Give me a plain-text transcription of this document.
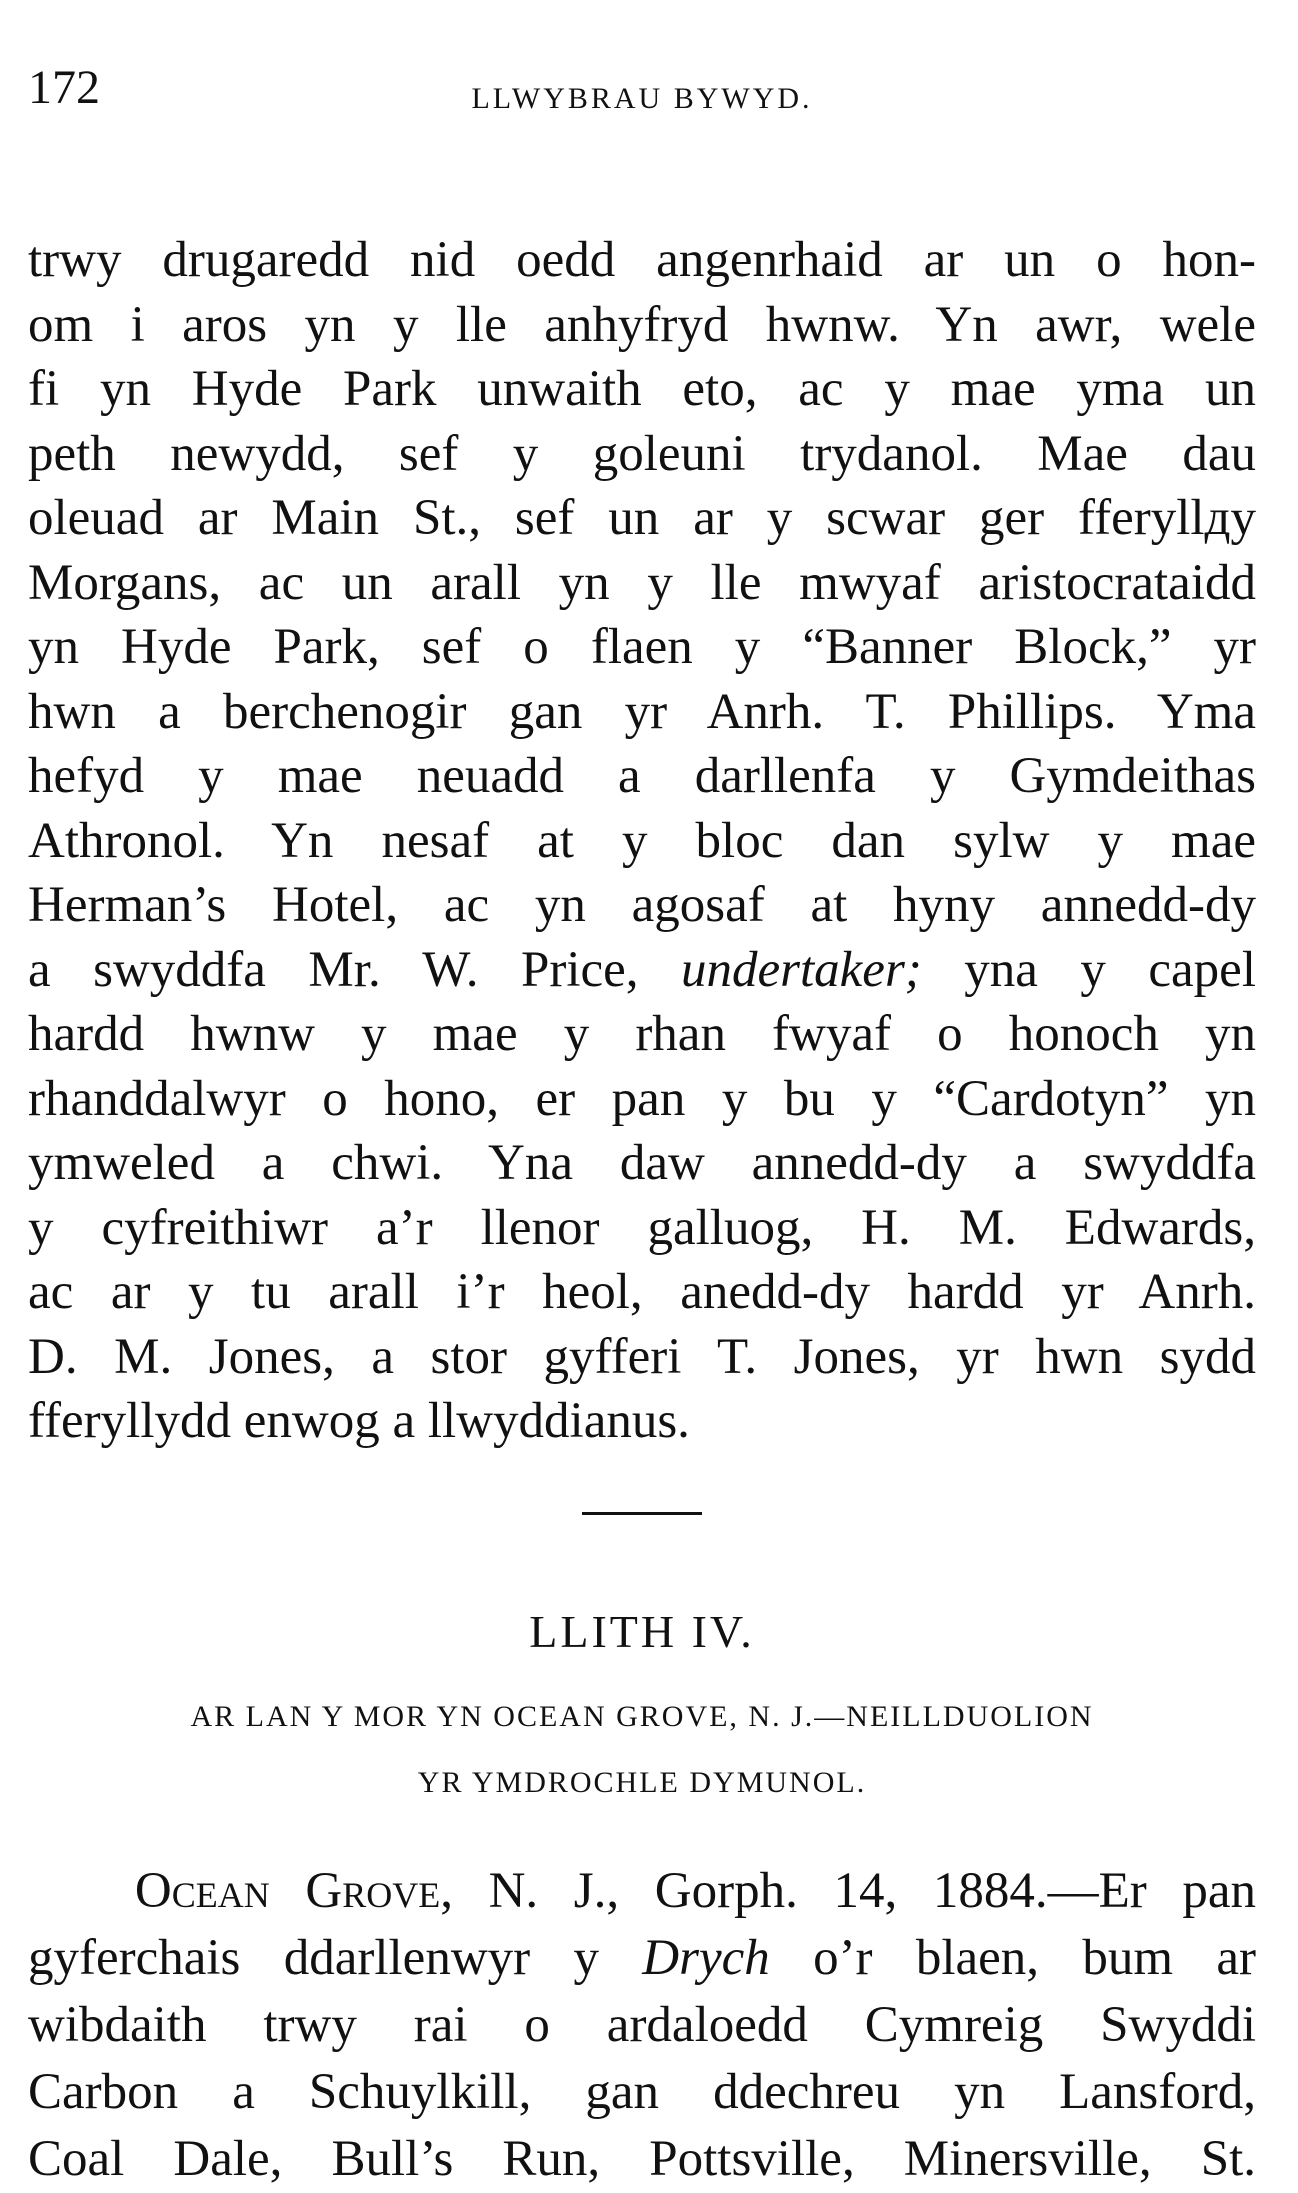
172	LLWYBRAU BYWYD.
trwy drugaredd nid oedd angenrhaid ar un o hon-
om i aros yn y lle anhyfryd hwnw. Yn awr, wele
fi yn Hyde Park unwaith eto, ac y mae yma un
peth newydd, sef y goleuni trydanol. Mae dau
oleuad ar Main St., sef un ar y scwar ger fferyllдy
Morgans, ac un arall yn y lle mwyaf aristocrataidd
yn Hyde Park, sef o flaen y “Banner Block,” yr
hwn a berchenogir gan yr Anrh. T. Phillips. Yma
hefyd y mae neuadd a darllenfa y Gymdeithas
Athronol. Yn nesaf at y bloc dan sylw y mae
Herman’s Hotel, ac yn agosaf at hyny annedd-dy
a swyddfa Mr. W. Price, undertaker; yna y capel
hardd hwnw y mae y rhan fwyaf o honoch yn
rhanddalwyr o hono, er pan y bu y “Cardotyn” yn
ymweled a chwi. Yna daw annedd-dy a swyddfa
y cyfreithiwr a’r llenor galluog, H. M. Edwards,
ac ar y tu arall i’r heol, anedd-dy hardd yr Anrh.
D. M. Jones, a stor gyfferi T. Jones, yr hwn sydd
fferyllydd enwog a llwyddianus.
LLITH IV.
AR LAN Y MOR YN OCEAN GROVE, N. J.—NEILLDUOLION
YR YMDROCHLE DYMUNOL.
Ocean Grove, N. J., Gorph. 14, 1884.—Er pan
gyferchais ddarllenwyr y Drych o’r blaen, bum ar
wibdaith trwy rai o ardaloedd Cymreig Swyddi
Carbon a Schuylkill, gan ddechreu yn Lansford,
Coal Dale, Bull’s Run, Pottsville, Minersville, St.
